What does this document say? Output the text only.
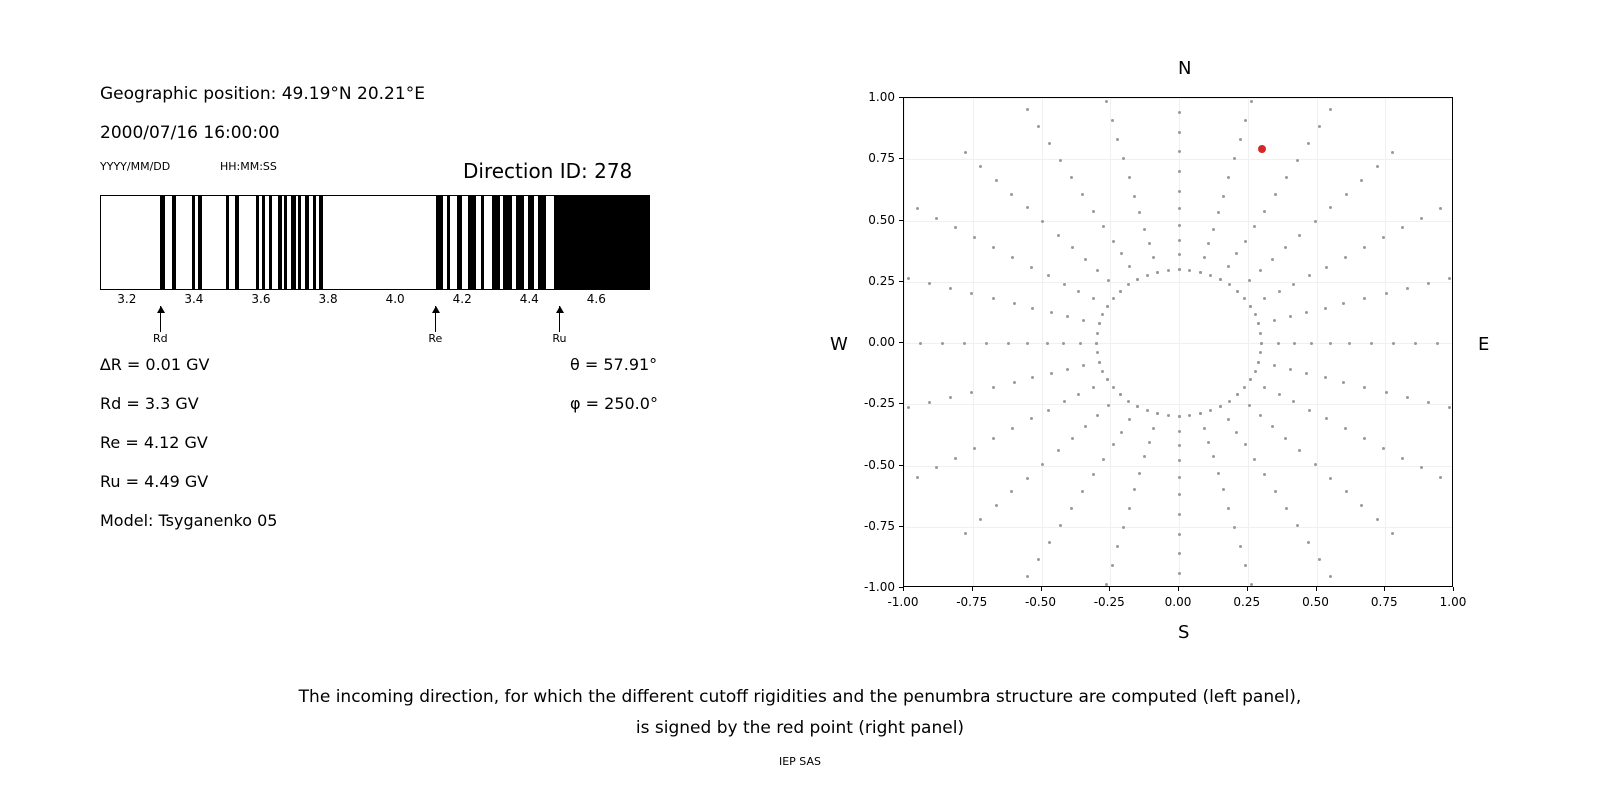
Geographic position: 49.19°N 20.21°E
2000/07/16 16:00:00
YYYY/MM/DD	HH:MM:SS	Direction ID: 278
3.2	3.4	3.6	3.8	4.0	4.2	4.4	4.6
Rd	Re	Ru
∆R = 0.01 GV
Rd = 3.3 GV
Re = 4.12 GV
Ru = 4.49 GV
Model: Tsyganenko 05
θ = 57.91°
φ = 250.0°
N
S
W	E
-1.00
-0.75
-0.50
-0.25
0.00
0.25
0.50
0.75
1.00
-1.00	-0.75	-0.50	-0.25	0.00	0.25	0.50	0.75	1.00
The incoming direction, for which the different cutoff rigidities and the penumbra structure are computed (left panel),
is signed by the red point (right panel)
IEP SAS
